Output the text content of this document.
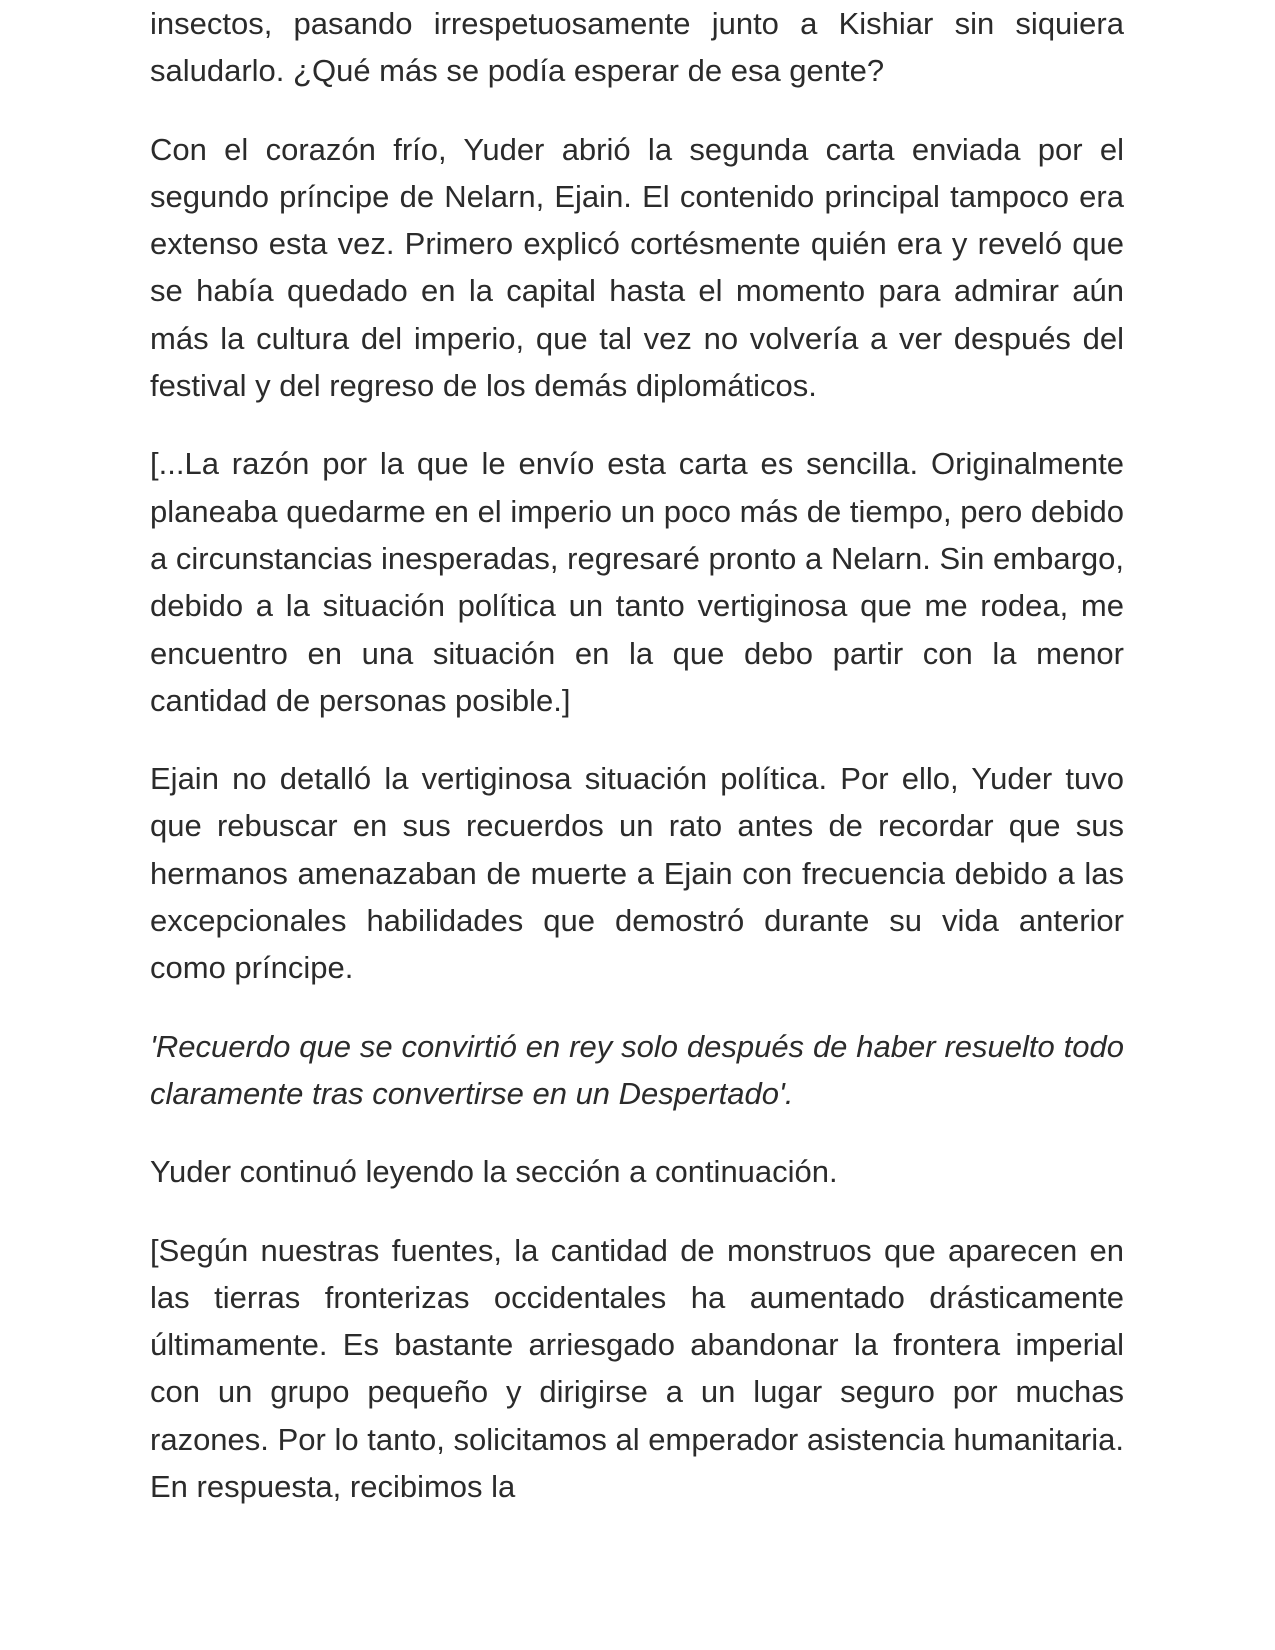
insectos, pasando irrespetuosamente junto a Kishiar sin siquiera saludarlo. ¿Qué más se podía esperar de esa gente?

Con el corazón frío, Yuder abrió la segunda carta enviada por el segundo príncipe de Nelarn, Ejain. El contenido principal tampoco era extenso esta vez. Primero explicó cortésmente quién era y reveló que se había quedado en la capital hasta el momento para admirar aún más la cultura del imperio, que tal vez no volvería a ver después del festival y del regreso de los demás diplomáticos.

[...La razón por la que le envío esta carta es sencilla. Originalmente planeaba quedarme en el imperio un poco más de tiempo, pero debido a circunstancias inesperadas, regresaré pronto a Nelarn. Sin embargo, debido a la situación política un tanto vertiginosa que me rodea, me encuentro en una situación en la que debo partir con la menor cantidad de personas posible.]

Ejain no detalló la vertiginosa situación política. Por ello, Yuder tuvo que rebuscar en sus recuerdos un rato antes de recordar que sus hermanos amenazaban de muerte a Ejain con frecuencia debido a las excepcionales habilidades que demostró durante su vida anterior como príncipe.

'Recuerdo que se convirtió en rey solo después de haber resuelto todo claramente tras convertirse en un Despertado'.

Yuder continuó leyendo la sección a continuación.

[Según nuestras fuentes, la cantidad de monstruos que aparecen en las tierras fronterizas occidentales ha aumentado drásticamente últimamente. Es bastante arriesgado abandonar la frontera imperial con un grupo pequeño y dirigirse a un lugar seguro por muchas razones. Por lo tanto, solicitamos al emperador asistencia humanitaria. En respuesta, recibimos la
